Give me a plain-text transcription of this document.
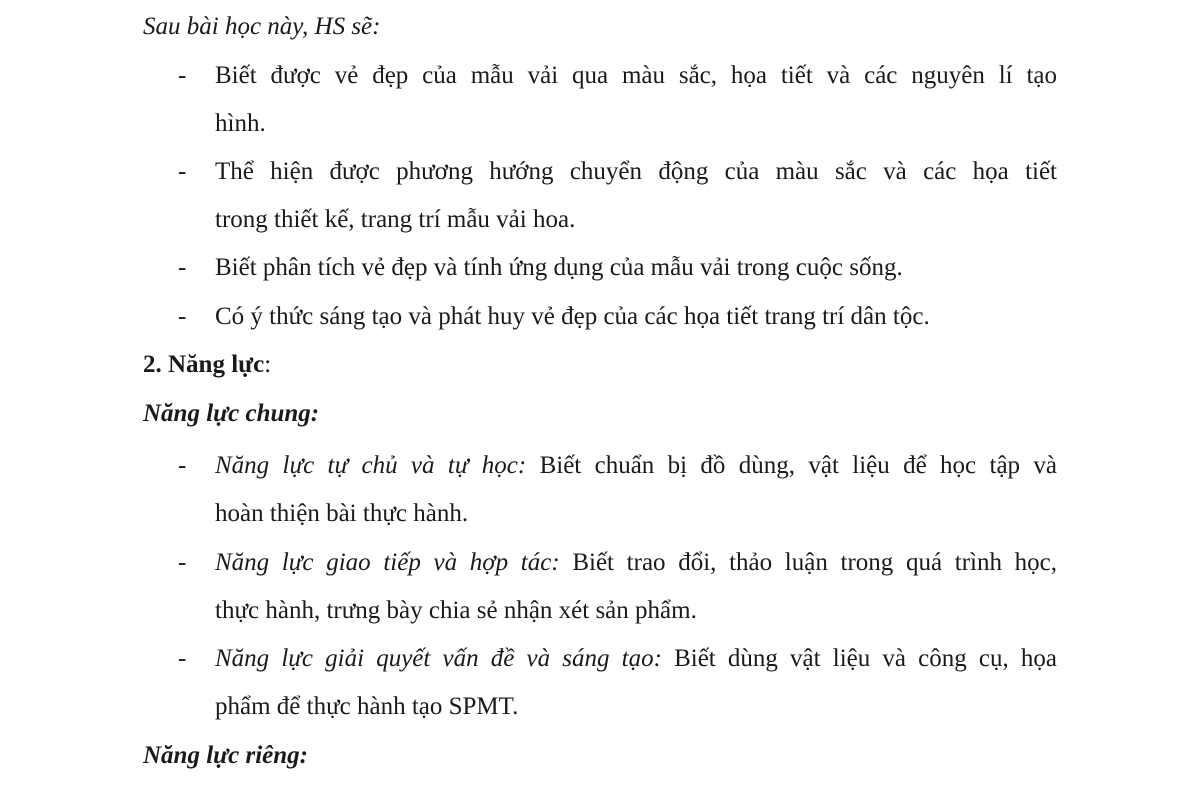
Sau bài học này, HS sẽ:
- Biết được vẻ đẹp của mẫu vải qua màu sắc, họa tiết và các nguyên lí tạo
hình.
- Thể hiện được phương hướng chuyển động của màu sắc và các họa tiết
trong thiết kế, trang trí mẫu vải hoa.
- Biết phân tích vẻ đẹp và tính ứng dụng của mẫu vải trong cuộc sống.
- Có ý thức sáng tạo và phát huy vẻ đẹp của các họa tiết trang trí dân tộc.
2. Năng lực:
Năng lực chung:
- Năng lực tự chủ và tự học: Biết chuẩn bị đồ dùng, vật liệu để học tập và
hoàn thiện bài thực hành.
- Năng lực giao tiếp và hợp tác: Biết trao đổi, thảo luận trong quá trình học,
thực hành, trưng bày chia sẻ nhận xét sản phẩm.
- Năng lực giải quyết vấn đề và sáng tạo: Biết dùng vật liệu và công cụ, họa
phẩm để thực hành tạo SPMT.
Năng lực riêng:
